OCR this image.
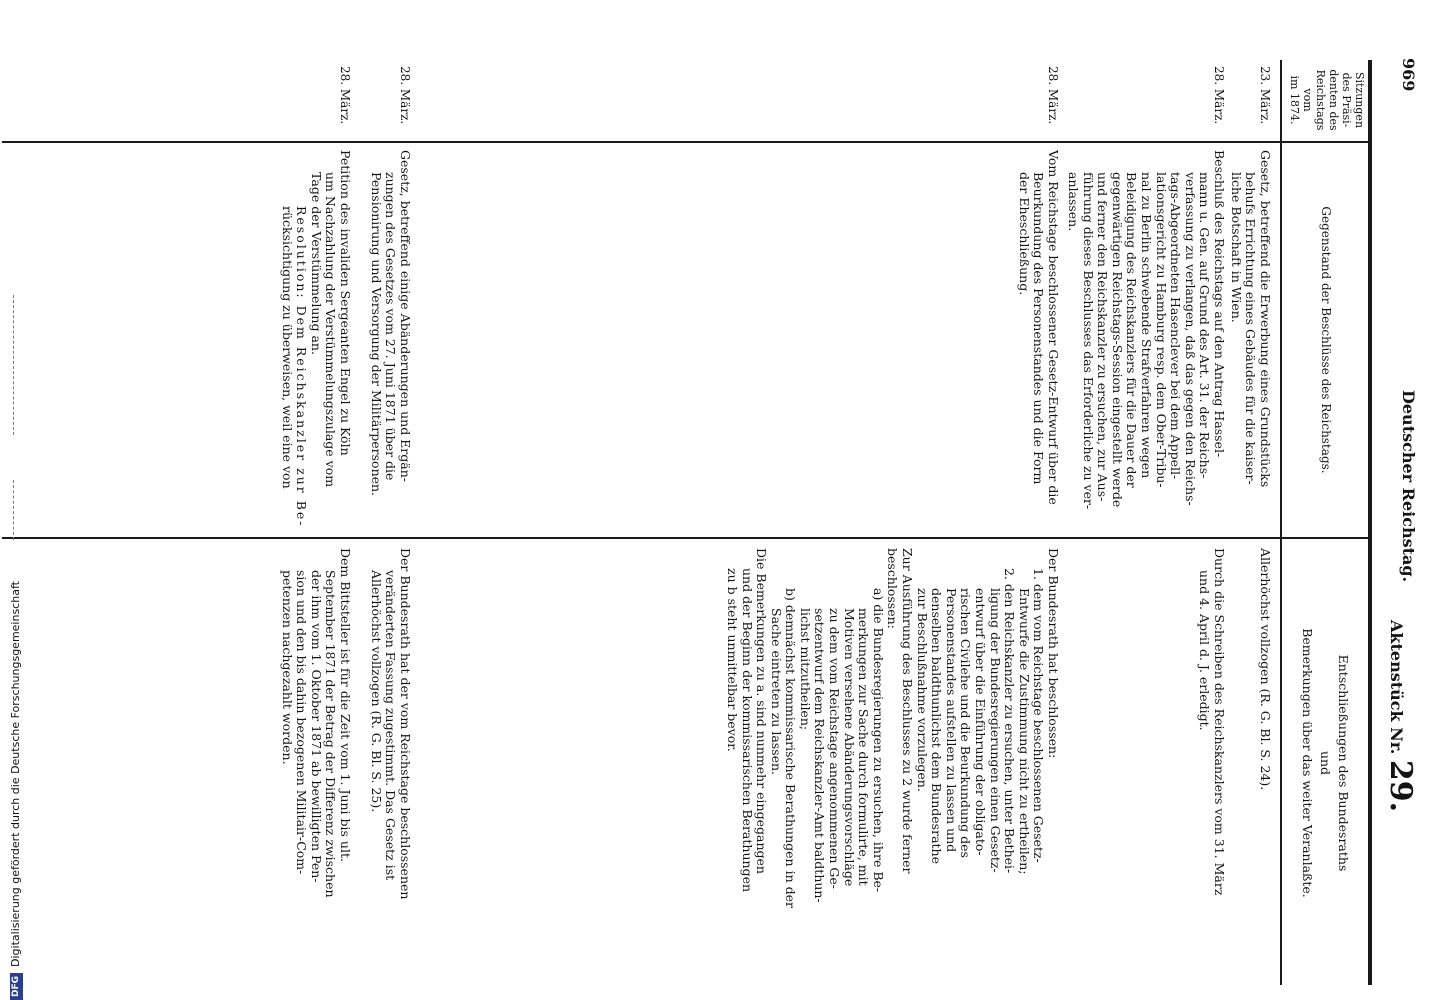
969
Deutscher Reichstag.
Aktenstück Nr. 29.
Sitzungen
des Präsi-
denten des
Reichstags
vom
im 1874.
Gegenstand der Beschlüsse des Reichstags.
Entschließungen des Bundesraths
und
Bemerkungen über das weiter Veranlaßte.
23. März.
Gesetz, betreffend die Erwerbung eines Grundstücks
behufs Errichtung eines Gebäudes für die kaiser-
liche Botschaft in Wien.
Allerhöchst vollzogen (R. G. Bl. S. 24).
28. März.
Beschluß des Reichstags auf den Antrag Hassel-
mann u. Gen. auf Grund des Art. 31. der Reichs-
verfassung zu verlangen, daß das gegen den Reichs-
tags-Abgeordneten Hasenclever bei dem Appell-
lationsgericht zu Hamburg resp. dem Ober-Tribu-
nal zu Berlin schwebende Strafverfahren wegen
Beleidigung des Reichskanzlers für die Dauer der
gegenwärtigen Reichstags-Session eingestellt werde
und ferner den Reichskanzler zu ersuchen, zur Aus-
führung dieses Beschlusses das Erforderliche zu ver-
anlassen.
Durch die Schreiben des Reichskanzlers vom 31. März
und 4. April d. J. erledigt.
28. März.
Vom Reichstage beschlossener Gesetz-Entwurf über die
Beurkundung des Personenstandes und die Form
der Eheschließung.
Der Bundesrath hat beschlossen:
1. dem vom Reichstage beschlossenen Gesetz-
Entwurfe die Zustimmung nicht zu ertheilen;
2. den Reichskanzler zu ersuchen, unter Bethei-
ligung der Bundesregierungen einen Gesetz-
entwurf über die Einführung der obligato-
rischen Civilehe und die Beurkundung des
Personenstandes aufstellen zu lassen und
denselben baldthunlichst dem Bundesrathe
zur Beschlußnahme vorzulegen.
Zur Ausführung des Beschlusses zu 2 wurde ferner
beschlossen:
a) die Bundesregierungen zu ersuchen, ihre Be-
merkungen zur Sache durch formulirte, mit
Motiven versehene Abänderungsvorschläge
zu dem vom Reichstage angenommenen Ge-
setzentwurf dem Reichskanzler-Amt baldthun-
lichst mitzutheilen;
b) demnächst kommissarische Berathungen in der
Sache eintreten zu lassen.
Die Bemerkungen zu a. sind nunmehr eingegangen
und der Beginn der kommissarischen Berathungen
zu b steht unmittelbar bevor.
28. März.
Gesetz, betreffend einige Abänderungen und Ergän-
zungen des Gesetzes vom 27. Juni 1871 über die
Pensionirung und Versorgung der Militärpersonen.
Der Bundesrath hat der vom Reichstage beschlossenen
veränderten Fassung zugestimmt. Das Gesetz ist
Allerhöchst vollzogen (R. G. Bl. S. 25).
28. März.
Petition des invaliden Sergeanten Engel zu Köln
um Nachzahlung der Verstümmelungszulage vom
Tage der Verstümmelung an.
Resolution: Dem Reichskanzler zur Be-
rücksichtigung zu überweisen, weil eine von
Dem Bittsteller ist für die Zeit vom 1. Juni bis ult.
September 1871 der Betrag der Differenz zwischen
der ihm vom 1. Oktober 1871 ab bewilligten Pen-
sion und den bis dahin bezogenen Militair-Com-
petenzen nachgezahlt worden.
DFGDigitalisierung gefördert durch die Deutsche Forschungsgemeinschaft
